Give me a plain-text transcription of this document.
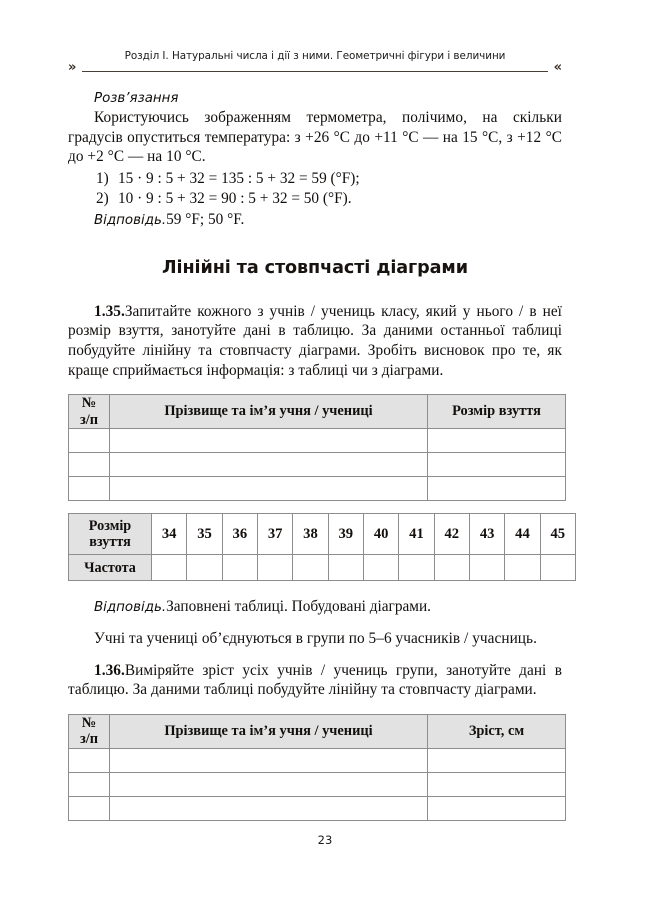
Розділ I. Натуральні числа і дії з ними. Геометричні фігури і величини
»	«

Розв’язання

Користуючись зображенням термометра, полічимо, на скільки градусів опуститься температура: з +26 °С до +11 °С — на 15 °С, з +12 °С до +2 °С — на 10 °С.

1) 15 · 9 : 5 + 32 = 135 : 5 + 32 = 59 (°F);
2) 10 · 9 : 5 + 32 = 90 : 5 + 32 = 50 (°F).

Відповідь.59 °F; 50 °F.

Лінійні та стовпчасті діаграми

1.35.Запитайте кожного з учнів / учениць класу, який у нього / в неї розмір взуття, занотуйте дані в таблицю. За даними останньої таблиці побудуйте лінійну та стовпчасту діаграми. Зробіть висновок про те, як краще сприймається інформація: з таблиці чи з діаграми.

№
з/п	Прізвище та ім’я учня / учениці	Розмір взуття

Розмір
взуття	34	35	36	37	38	39	40	41	42	43	44	45
Частота												

Відповідь.Заповнені таблиці. Побудовані діаграми.

Учні та учениці об’єднуються в групи по 5–6 учасників / учасниць.

1.36.Виміряйте зріст усіх учнів / учениць групи, занотуйте дані в таблицю. За даними таблиці побудуйте лінійну та стовпчасту діаграми.

№
з/п	Прізвище та ім’я учня / учениці	Зріст, см

23
